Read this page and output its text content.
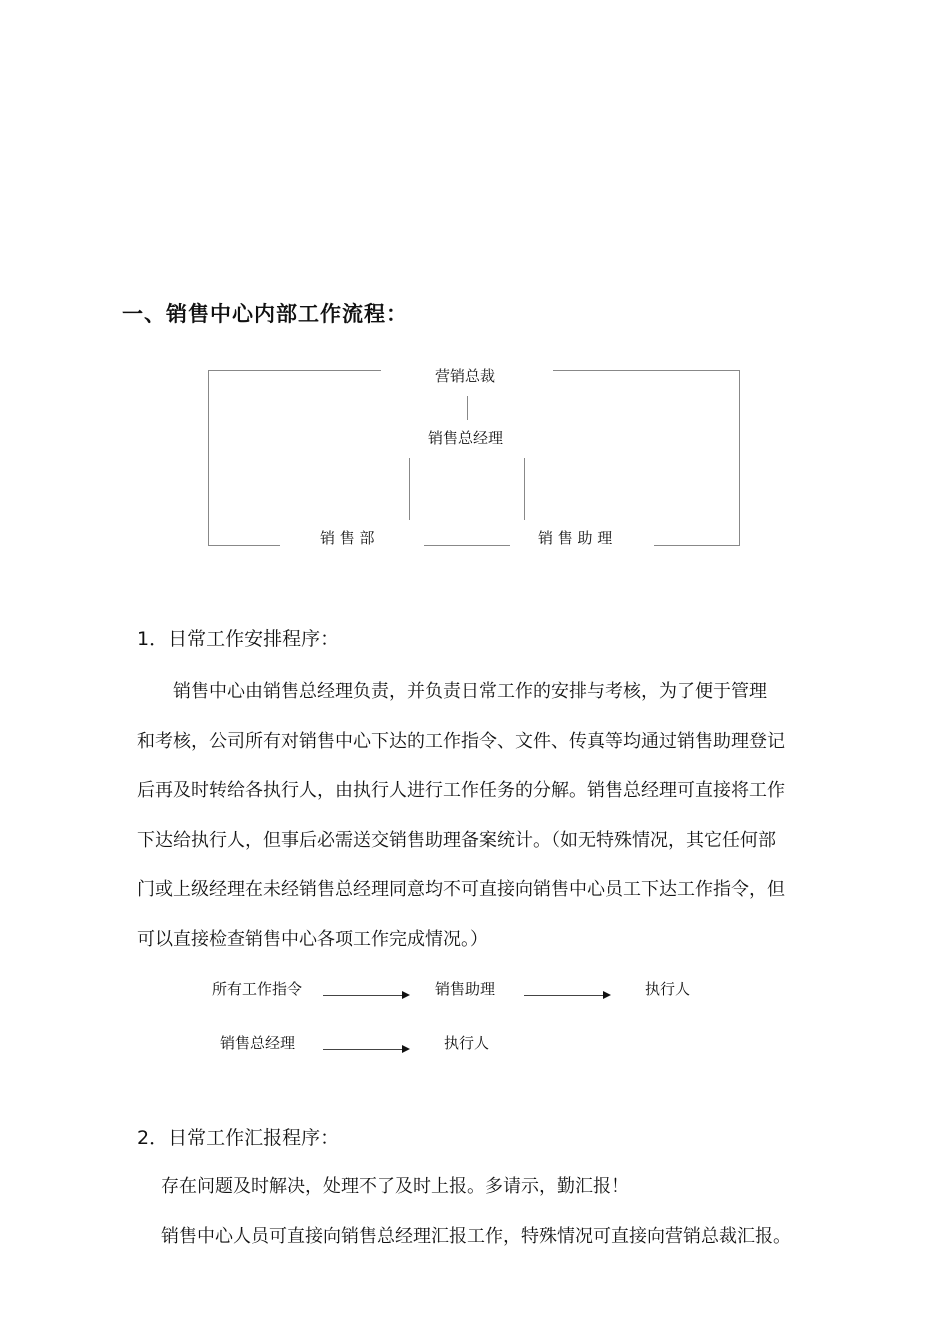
一、销售中心内部工作流程：
营销总裁
销售总经理
销 售 部	销 售 助 理
1．日常工作安排程序：
　　销售中心由销售总经理负责，并负责日常工作的安排与考核，为了便于管理
和考核，公司所有对销售中心下达的工作指令、文件、传真等均通过销售助理登记
后再及时转给各执行人，由执行人进行工作任务的分解。销售总经理可直接将工作
下达给执行人，但事后必需送交销售助理备案统计。（如无特殊情况，其它任何部
门或上级经理在未经销售总经理同意均不可直接向销售中心员工下达工作指令，但
可以直接检查销售中心各项工作完成情况。）
所有工作指令	销售助理	执行人
销售总经理	执行人
2．日常工作汇报程序：
存在问题及时解决，处理不了及时上报。多请示，勤汇报！
销售中心人员可直接向销售总经理汇报工作，特殊情况可直接向营销总裁汇报。
